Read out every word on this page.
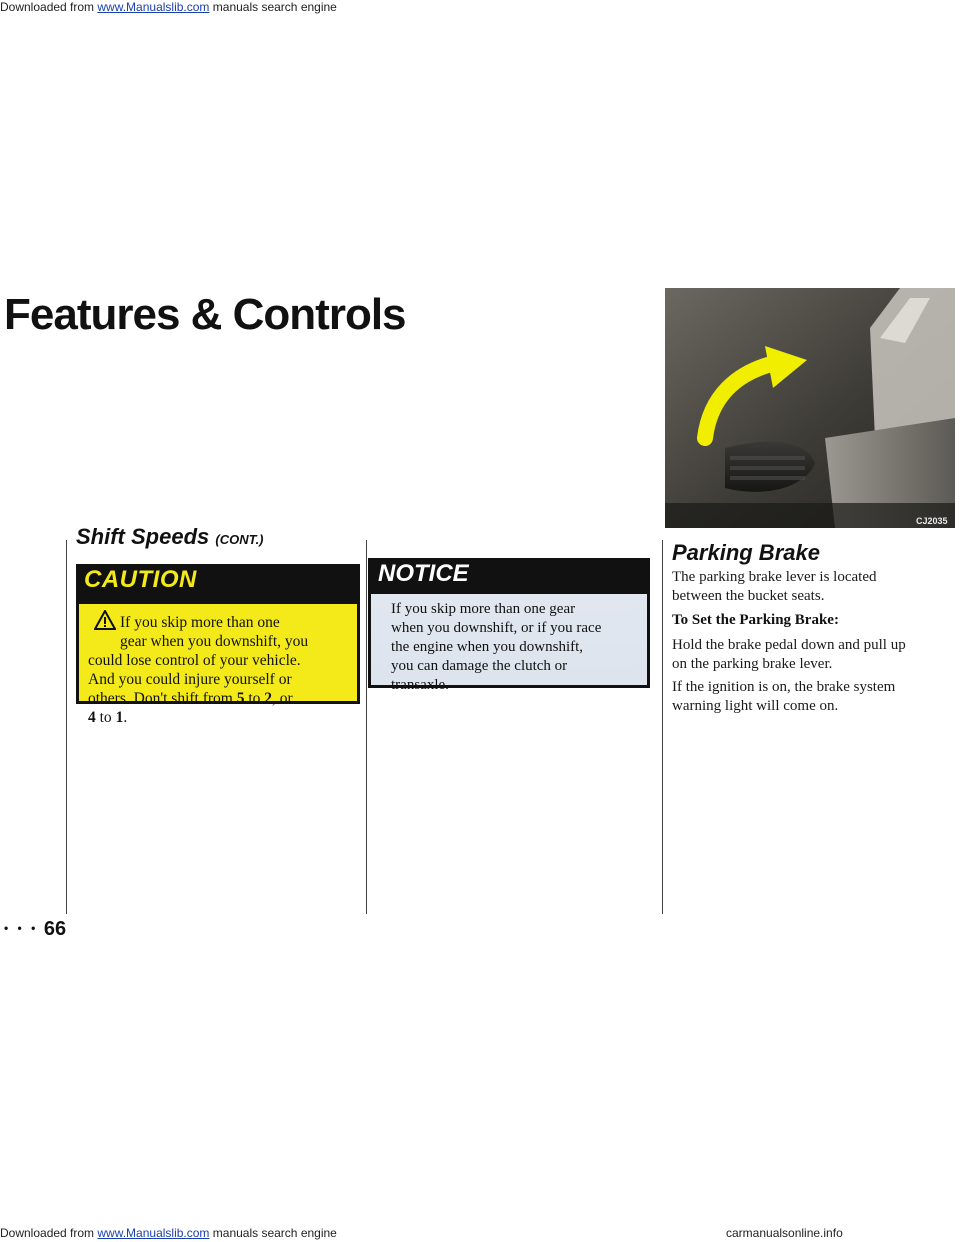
Downloaded from www.Manualslib.com manuals search engine
Features & Controls
Shift Speeds (CONT.)
CAUTION
If you skip more than one
gear when you downshift, you
could lose control of your vehicle.
And you could injure yourself or
others. Don't shift from 5 to 2, or
4 to 1.
NOTICE
If you skip more than one gear
when you downshift, or if you race
the engine when you downshift,
you can damage the clutch or
transaxle.
CJ2035
Parking Brake
The parking brake lever is located
between the bucket seats.
To Set the Parking Brake:
Hold the brake pedal down and pull up
on the parking brake lever.
If the ignition is on, the brake system
warning light will come on.
• • • 66
Downloaded from www.Manualslib.com manuals search engine	carmanualsonline.info
